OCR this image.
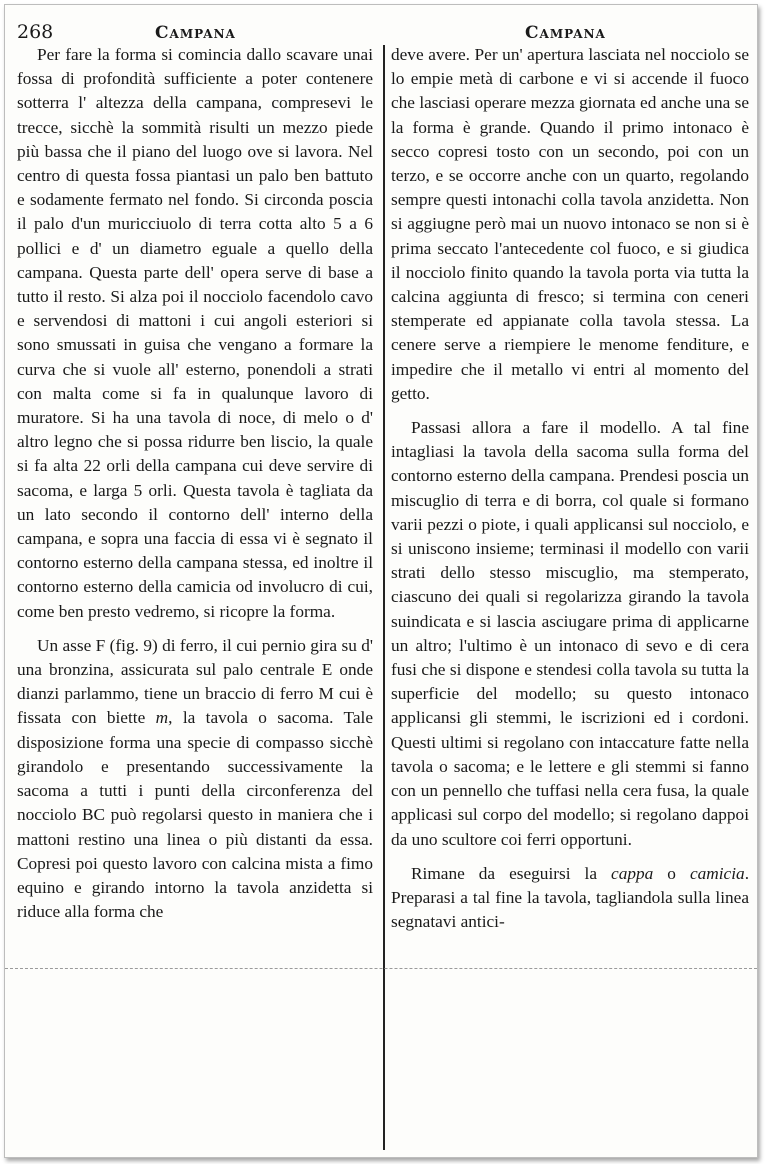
268	Campana	Campana

Per fare la forma si comincia dallo scavare unai fossa di profondità sufficiente a poter contenere sotterra l' altezza della campana, compresevi le trecce, sicchè la sommità risulti un mezzo piede più bassa che il piano del luogo ove si lavora. Nel centro di questa fossa piantasi un palo ben battuto e sodamente fermato nel fondo. Si circonda poscia il palo d'un muricciuolo di terra cotta alto 5 a 6 pollici e d' un diametro eguale a quello della campana. Questa parte dell' opera serve di base a tutto il resto. Si alza poi il nocciolo facendolo cavo e servendosi di mattoni i cui angoli esteriori si sono smussati in guisa che vengano a formare la curva che si vuole all' esterno, ponendoli a strati con malta come si fa in qualunque lavoro di muratore. Si ha una tavola di noce, di melo o d' altro legno che si possa ridurre ben liscio, la quale si fa alta 22 orli della campana cui deve servire di sacoma, e larga 5 orli. Questa tavola è tagliata da un lato secondo il contorno dell' interno della campana, e sopra una faccia di essa vi è segnato il contorno esterno della campana stessa, ed inoltre il contorno esterno della camicia od involucro di cui, come ben presto vedremo, si ricopre la forma.

Un asse F (fig. 9) di ferro, il cui pernio gira su d' una bronzina, assicurata sul palo centrale E onde dianzi parlammo, tiene un braccio di ferro M cui è fissata con biette m, la tavola o sacoma. Tale disposizione forma una specie di compasso sicchè girandolo e presentando successivamente la sacoma a tutti i punti della circonferenza del nocciolo BC può regolarsi questo in maniera che i mattoni restino una linea o più distanti da essa. Copresi poi questo lavoro con calcina mista a fimo equino e girando intorno la tavola anzidetta si riduce alla forma che

deve avere. Per un' apertura lasciata nel nocciolo se lo empie metà di carbone e vi si accende il fuoco che lasciasi operare mezza giornata ed anche una se la forma è grande. Quando il primo intonaco è secco copresi tosto con un secondo, poi con un terzo, e se occorre anche con un quarto, regolando sempre questi intonachi colla tavola anzidetta. Non si aggiugne però mai un nuovo intonaco se non si è prima seccato l'antecedente col fuoco, e si giudica il nocciolo finito quando la tavola porta via tutta la calcina aggiunta di fresco; si termina con ceneri stemperate ed appianate colla tavola stessa. La cenere serve a riempiere le menome fenditure, e impedire che il metallo vi entri al momento del getto.

Passasi allora a fare il modello. A tal fine intagliasi la tavola della sacoma sulla forma del contorno esterno della campana. Prendesi poscia un miscuglio di terra e di borra, col quale si formano varii pezzi o piote, i quali applicansi sul nocciolo, e si uniscono insieme; terminasi il modello con varii strati dello stesso miscuglio, ma stemperato, ciascuno dei quali si regolarizza girando la tavola suindicata e si lascia asciugare prima di applicarne un altro; l'ultimo è un intonaco di sevo e di cera fusi che si dispone e stendesi colla tavola su tutta la superficie del modello; su questo intonaco applicansi gli stemmi, le iscrizioni ed i cordoni. Questi ultimi si regolano con intaccature fatte nella tavola o sacoma; e le lettere e gli stemmi si fanno con un pennello che tuffasi nella cera fusa, la quale applicasi sul corpo del modello; si regolano dappoi da uno scultore coi ferri opportuni.

Rimane da eseguirsi la cappa o camicia. Preparasi a tal fine la tavola, tagliandola sulla linea segnatavi antici-
